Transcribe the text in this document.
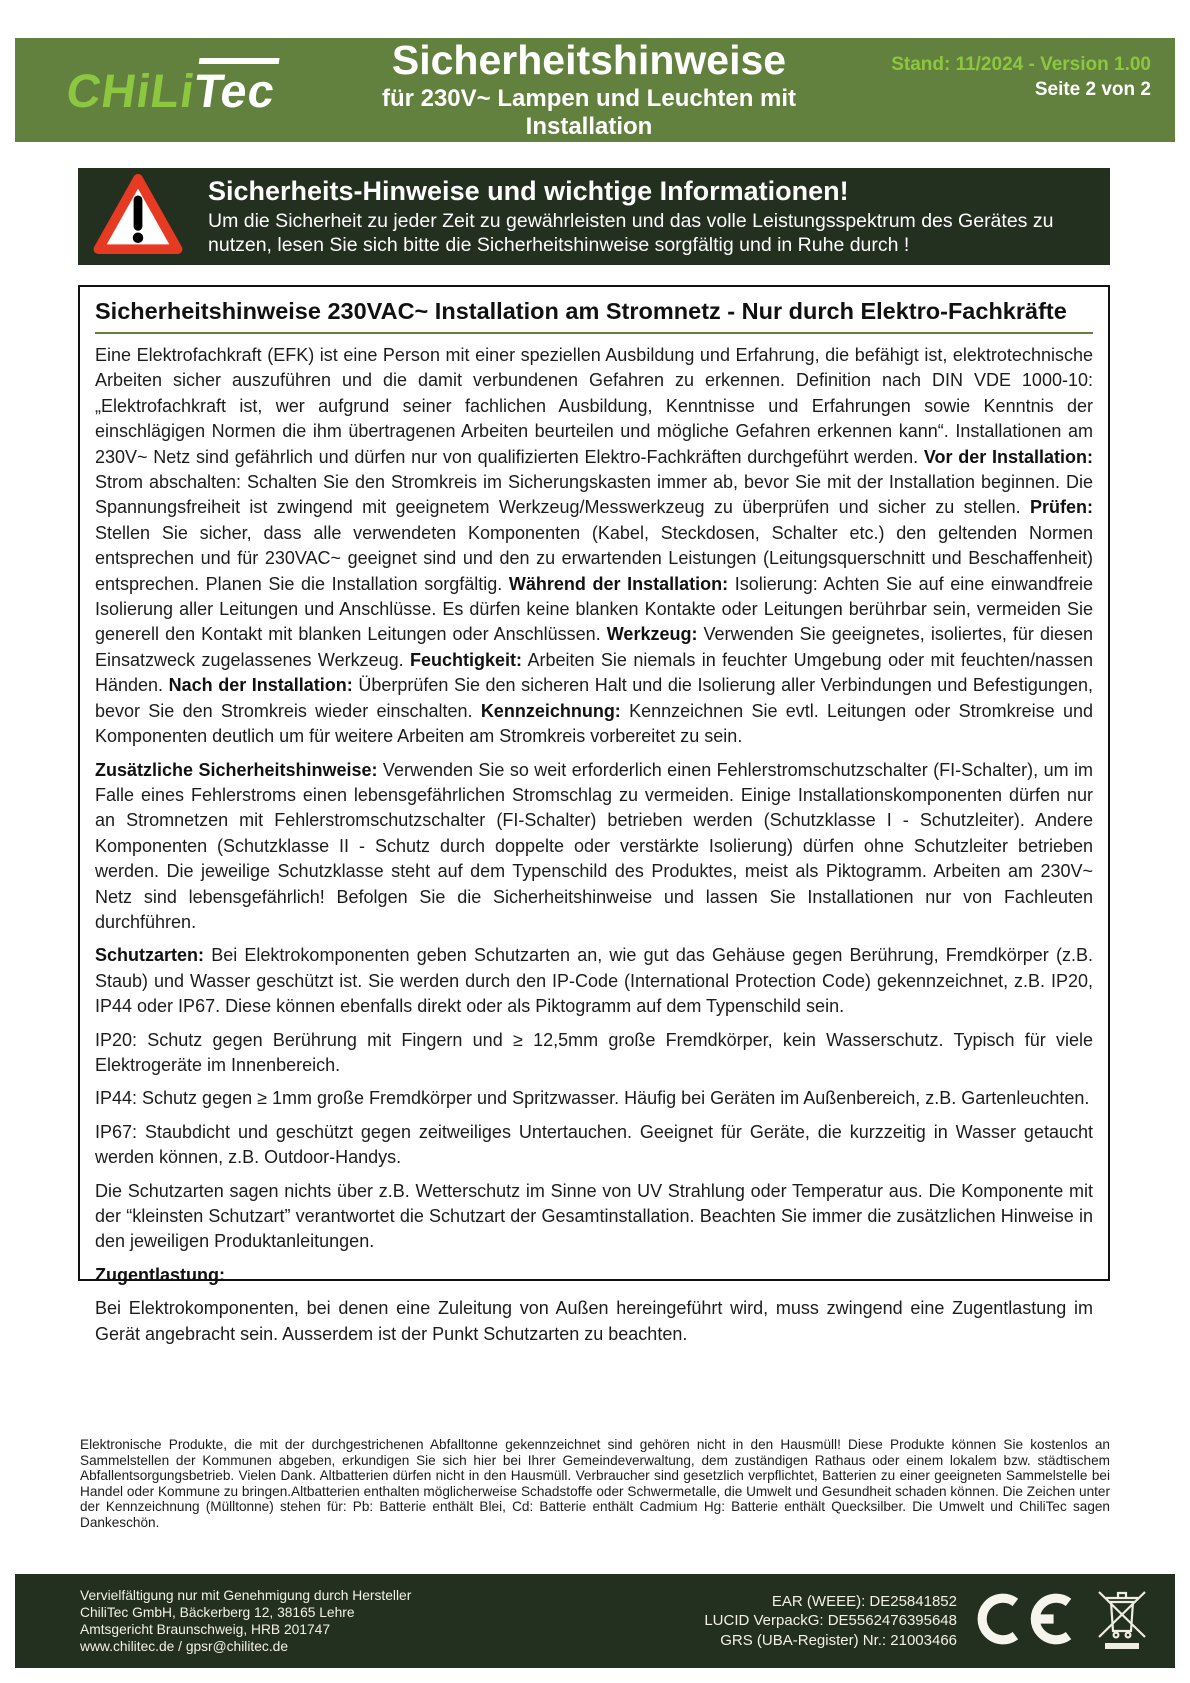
CHiLiTec
Sicherheitshinweise
für 230V~ Lampen und Leuchten mit Installation
Stand: 11/2024 - Version 1.00
Seite 2 von 2
Sicherheits-Hinweise und wichtige Informationen!
Um die Sicherheit zu jeder Zeit zu gewährleisten und das volle Leistungsspektrum des Gerätes zu nutzen, lesen Sie sich bitte die Sicherheitshinweise sorgfältig und in Ruhe durch !
Sicherheitshinweise 230VAC~ Installation am Stromnetz - Nur durch Elektro-Fachkräfte

Eine Elektrofachkraft (EFK) ist eine Person mit einer speziellen Ausbildung und Erfahrung, die befähigt ist, elektrotechnische Arbeiten sicher auszuführen und die damit verbundenen Gefahren zu erkennen. Definition nach DIN VDE 1000-10:„Elektrofachkraft ist, wer aufgrund seiner fachlichen Ausbildung, Kenntnisse und Erfahrungen sowie Kenntnis der einschlägigen Normen die ihm übertragenen Arbeiten beurteilen und mögliche Gefahren erkennen kann“. Installationen am 230V~ Netz sind gefährlich und dürfen nur von qualifizierten Elektro-Fachkräften durchgeführt werden. Vor der Installation: Strom abschalten: Schalten Sie den Stromkreis im Sicherungskasten immer ab, bevor Sie mit der Installation beginnen. Die Spannungsfreiheit ist zwingend mit geeignetem Werkzeug/Messwerkzeug zu überprüfen und sicher zu stellen. Prüfen: Stellen Sie sicher, dass alle verwendeten Komponenten (Kabel, Steckdosen, Schalter etc.) den geltenden Normen entsprechen und für 230VAC~ geeignet sind und den zu erwartenden Leistungen (Leitungsquerschnitt und Beschaffenheit) entsprechen. Planen Sie die Installation sorgfältig. Während der Installation: Isolierung: Achten Sie auf eine einwandfreie Isolierung aller Leitungen und Anschlüsse. Es dürfen keine blanken Kontakte oder Leitungen berührbar sein, vermeiden Sie generell den Kontakt mit blanken Leitungen oder Anschlüssen. Werkzeug: Verwenden Sie geeignetes, isoliertes, für diesen Einsatzweck zugelassenes Werkzeug. Feuchtigkeit: Arbeiten Sie niemals in feuchter Umgebung oder mit feuchten/nassen Händen. Nach der Installation: Überprüfen Sie den sicheren Halt und die Isolierung aller Verbindungen und Befestigungen, bevor Sie den Stromkreis wieder einschalten. Kennzeichnung: Kennzeichnen Sie evtl. Leitungen oder Stromkreise und Komponenten deutlich um für weitere Arbeiten am Stromkreis vorbereitet zu sein.

Zusätzliche Sicherheitshinweise: Verwenden Sie so weit erforderlich einen Fehlerstromschutzschalter (FI-Schalter), um im Falle eines Fehlerstroms einen lebensgefährlichen Stromschlag zu vermeiden. Einige Installationskomponenten dürfen nur an Stromnetzen mit Fehlerstromschutzschalter (FI-Schalter) betrieben werden (Schutzklasse I - Schutzleiter). Andere Komponenten (Schutzklasse II - Schutz durch doppelte oder verstärkte Isolierung) dürfen ohne Schutzleiter betrieben werden. Die jeweilige Schutzklasse steht auf dem Typenschild des Produktes, meist als Piktogramm. Arbeiten am 230V~ Netz sind lebensgefährlich! Befolgen Sie die Sicherheitshinweise und lassen Sie Installationen nur von Fachleuten durchführen.

Schutzarten: Bei Elektrokomponenten geben Schutzarten an, wie gut das Gehäuse gegen Berührung, Fremdkörper (z.B. Staub) und Wasser geschützt ist. Sie werden durch den IP-Code (International Protection Code) gekennzeichnet, z.B. IP20, IP44 oder IP67. Diese können ebenfalls direkt oder als Piktogramm auf dem Typenschild sein.

IP20: Schutz gegen Berührung mit Fingern und ≥ 12,5mm große Fremdkörper, kein Wasserschutz. Typisch für viele Elektrogeräte im Innenbereich.

IP44: Schutz gegen ≥ 1mm große Fremdkörper und Spritzwasser. Häufig bei Geräten im Außenbereich, z.B. Gartenleuchten.

IP67: Staubdicht und geschützt gegen zeitweiliges Untertauchen. Geeignet für Geräte, die kurzzeitig in Wasser getaucht werden können, z.B. Outdoor-Handys.

Die Schutzarten sagen nichts über z.B. Wetterschutz im Sinne von UV Strahlung oder Temperatur aus. Die Komponente mit der “kleinsten Schutzart” verantwortet die Schutzart der Gesamtinstallation. Beachten Sie immer die zusätzlichen Hinweise in den jeweiligen Produktanleitungen.

Zugentlastung:

Bei Elektrokomponenten, bei denen eine Zuleitung von Außen hereingeführt wird, muss zwingend eine Zugentlastung im Gerät angebracht sein. Ausserdem ist der Punkt Schutzarten zu beachten.

Elektronische Produkte, die mit der durchgestrichenen Abfalltonne gekennzeichnet sind gehören nicht in den Hausmüll! Diese Produkte können Sie kostenlos an Sammelstellen der Kommunen abgeben, erkundigen Sie sich hier bei Ihrer Gemeindeverwaltung, dem zuständigen Rathaus oder einem lokalem bzw. städtischem Abfallentsorgungsbetrieb. Vielen Dank. Altbatterien dürfen nicht in den Hausmüll. Verbraucher sind gesetzlich verpflichtet, Batterien zu einer geeigneten Sammelstelle bei Handel oder Kommune zu bringen.Altbatterien enthalten möglicherweise Schadstoffe oder Schwermetalle, die Umwelt und Gesundheit schaden können. Die Zeichen unter der Kennzeichnung (Mülltonne) stehen für: Pb: Batterie enthält Blei, Cd: Batterie enthält Cadmium Hg: Batterie enthält Quecksilber. Die Umwelt und ChiliTec sagen Dankeschön.
Vervielfältigung nur mit Genehmigung durch Hersteller
ChiliTec GmbH, Bäckerberg 12, 38165 Lehre
Amtsgericht Braunschweig, HRB 201747
www.chilitec.de / gpsr@chilitec.de
EAR (WEEE): DE25841852
LUCID VerpackG: DE5562476395648
GRS (UBA-Register) Nr.: 21003466
